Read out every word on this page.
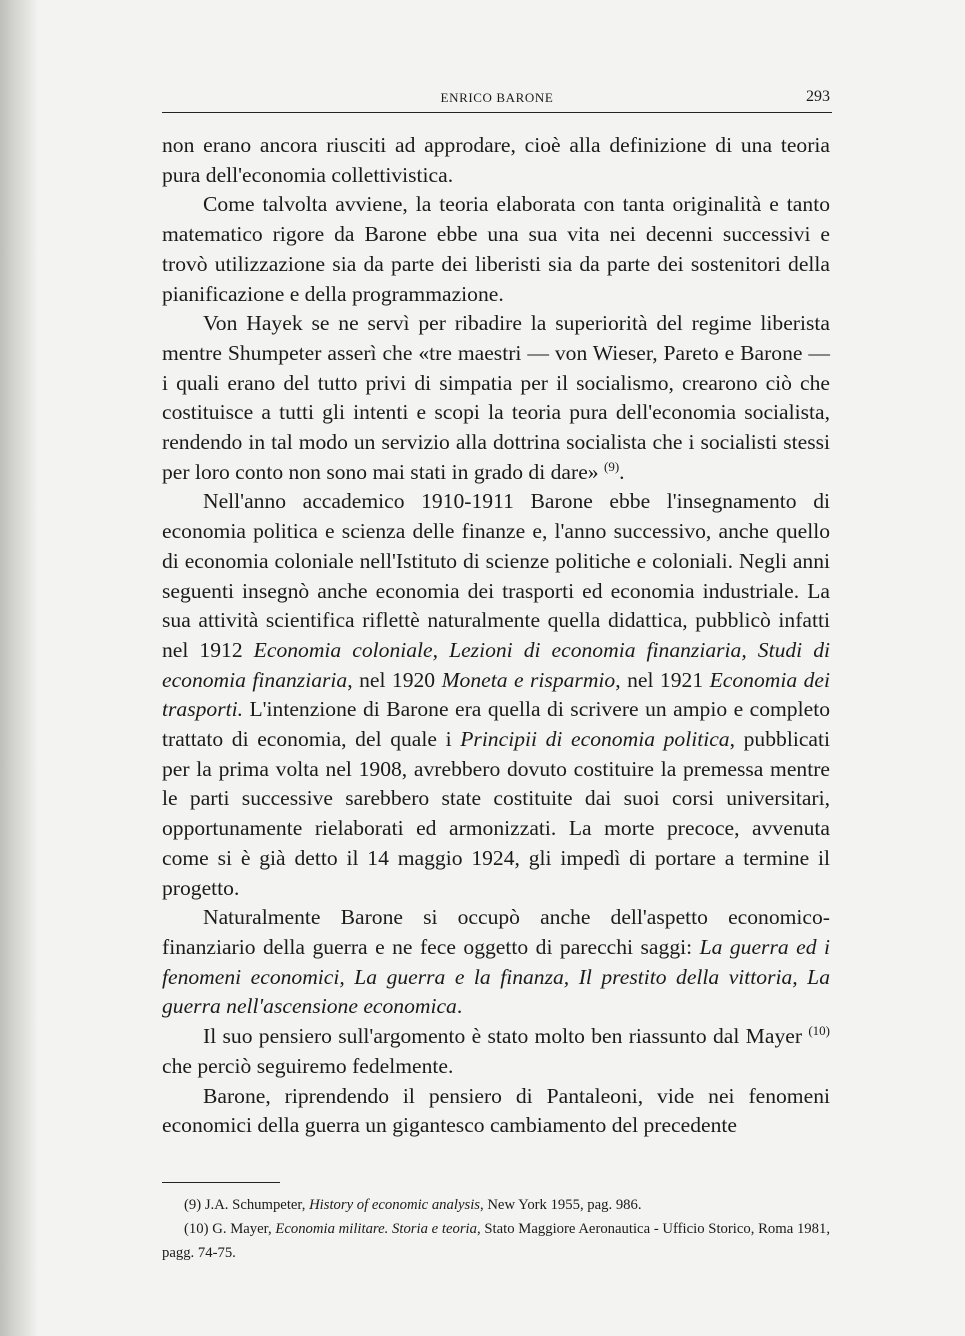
ENRICO BARONE	293

non erano ancora riusciti ad approdare, cioè alla definizione di una teoria pura dell'economia collettivistica.

Come talvolta avviene, la teoria elaborata con tanta originalità e tanto matematico rigore da Barone ebbe una sua vita nei decenni successivi e trovò utilizzazione sia da parte dei liberisti sia da parte dei sostenitori della pianificazione e della programmazione.

Von Hayek se ne servì per ribadire la superiorità del regime liberista mentre Shumpeter asserì che «tre maestri — von Wieser, Pareto e Barone — i quali erano del tutto privi di simpatia per il socialismo, crearono ciò che costituisce a tutti gli intenti e scopi la teoria pura dell'economia socialista, rendendo in tal modo un servizio alla dottrina socialista che i socialisti stessi per loro conto non sono mai stati in grado di dare» $^{(9)}$.

Nell'anno accademico 1910-1911 Barone ebbe l'insegnamento di economia politica e scienza delle finanze e, l'anno successivo, anche quello di economia coloniale nell'Istituto di scienze politiche e coloniali. Negli anni seguenti insegnò anche economia dei trasporti ed economia industriale. La sua attività scientifica riflettè naturalmente quella didattica, pubblicò infatti nel 1912 Economia coloniale, Lezioni di economia finanziaria, Studi di economia finanziaria, nel 1920 Moneta e risparmio, nel 1921 Economia dei trasporti. L'intenzione di Barone era quella di scrivere un ampio e completo trattato di economia, del quale i Principii di economia politica, pubblicati per la prima volta nel 1908, avrebbero dovuto costituire la premessa mentre le parti successive sarebbero state costituite dai suoi corsi universitari, opportunamente rielaborati ed armonizzati. La morte precoce, avvenuta come si è già detto il 14 maggio 1924, gli impedì di portare a termine il progetto.

Naturalmente Barone si occupò anche dell'aspetto economico-finanziario della guerra e ne fece oggetto di parecchi saggi: La guerra ed i fenomeni economici, La guerra e la finanza, Il prestito della vittoria, La guerra nell'ascensione economica.

Il suo pensiero sull'argomento è stato molto ben riassunto dal Mayer $^{(10)}$ che perciò seguiremo fedelmente.

Barone, riprendendo il pensiero di Pantaleoni, vide nei fenomeni economici della guerra un gigantesco cambiamento del precedente

(9) J.A. Schumpeter, History of economic analysis, New York 1955, pag. 986.

(10) G. Mayer, Economia militare. Storia e teoria, Stato Maggiore Aeronautica - Ufficio Storico, Roma 1981, pagg. 74-75.
